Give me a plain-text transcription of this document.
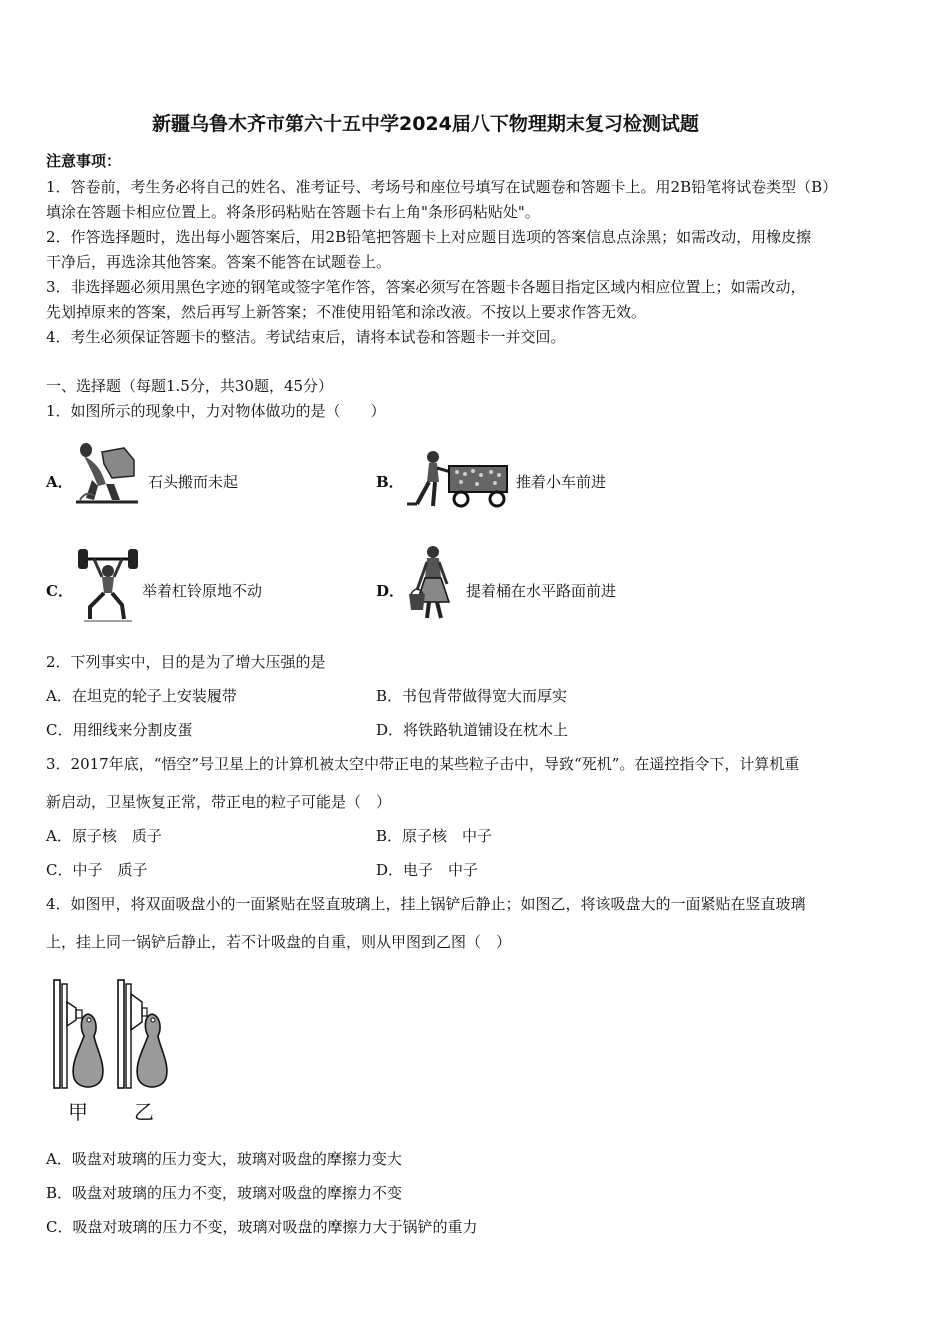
新疆乌鲁木齐市第六十五中学2024届八下物理期末复习检测试题
注意事项：
1．答卷前，考生务必将自己的姓名、准考证号、考场号和座位号填写在试题卷和答题卡上。用2B铅笔将试卷类型（B）
填涂在答题卡相应位置上。将条形码粘贴在答题卡右上角"条形码粘贴处"。
2．作答选择题时，选出每小题答案后，用2B铅笔把答题卡上对应题目选项的答案信息点涂黑；如需改动，用橡皮擦
干净后，再选涂其他答案。答案不能答在试题卷上。
3．非选择题必须用黑色字迹的钢笔或签字笔作答，答案必须写在答题卡各题目指定区域内相应位置上；如需改动，
先划掉原来的答案，然后再写上新答案；不准使用铅笔和涂改液。不按以上要求作答无效。
4．考生必须保证答题卡的整洁。考试结束后，请将本试卷和答题卡一并交回。
一、选择题（每题1.5分，共30题，45分）
1．如图所示的现象中，力对物体做功的是（　　）
A．	石头搬而未起	B．	推着小车前进
C．	举着杠铃原地不动	D．	提着桶在水平路面前进
2．下列事实中，目的是为了增大压强的是
A．在坦克的轮子上安装履带	B．书包背带做得宽大而厚实
C．用细线来分割皮蛋	D．将铁路轨道铺设在枕木上
3．2017年底，“悟空”号卫星上的计算机被太空中带正电的某些粒子击中，导致“死机”。在遥控指令下，计算机重
新启动，卫星恢复正常，带正电的粒子可能是（　）
A．原子核　质子	B．原子核　中子
C．中子　质子	D．电子　中子
4．如图甲，将双面吸盘小的一面紧贴在竖直玻璃上，挂上锅铲后静止；如图乙，将该吸盘大的一面紧贴在竖直玻璃
上，挂上同一锅铲后静止，若不计吸盘的自重，则从甲图到乙图（　）
甲 乙
A．吸盘对玻璃的压力变大，玻璃对吸盘的摩擦力变大
B．吸盘对玻璃的压力不变，玻璃对吸盘的摩擦力不变
C．吸盘对玻璃的压力不变，玻璃对吸盘的摩擦力大于锅铲的重力
